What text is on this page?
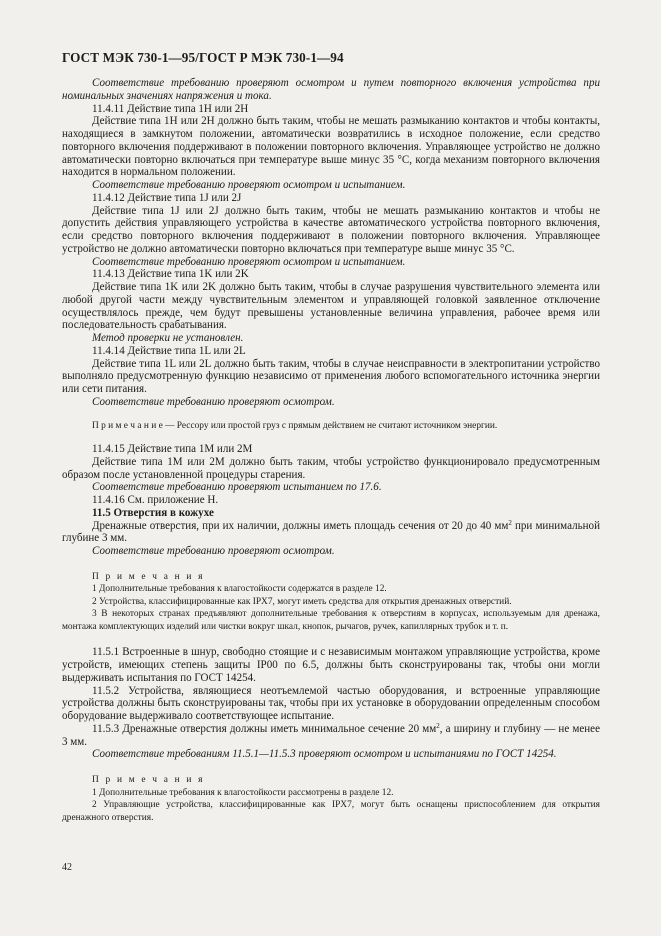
ГОСТ МЭК 730-1—95/ГОСТ Р МЭК 730-1—94

Соответствие требованию проверяют осмотром и путем повторного включения устройства при номинальных значениях напряжения и тока.

11.4.11 Действие типа 1H или 2H

Действие типа 1H или 2H должно быть таким, чтобы не мешать размыканию контактов и чтобы контакты, находящиеся в замкнутом положении, автоматически возвратились в исходное положение, если средство повторного включения поддерживают в положении повторного включения. Управляющее устройство не должно автоматически повторно включаться при температуре выше минус 35 °С, когда механизм повторного включения находится в нормальном положении.

Соответствие требованию проверяют осмотром и испытанием.

11.4.12 Действие типа 1J или 2J

Действие типа 1J или 2J должно быть таким, чтобы не мешать размыканию контактов и чтобы не допустить действия управляющего устройства в качестве автоматического устройства повторного включения, если средство повторного включения поддерживают в положении повторного включения. Управляющее устройство не должно автоматически повторно включаться при температуре выше минус 35 °С.

Соответствие требованию проверяют осмотром и испытанием.

11.4.13 Действие типа 1K или 2K

Действие типа 1K или 2K должно быть таким, чтобы в случае разрушения чувствительного элемента или любой другой части между чувствительным элементом и управляющей головкой заявленное отключение осуществлялось прежде, чем будут превышены установленные величина управления, рабочее время или последовательность срабатывания.

Метод проверки не установлен.

11.4.14 Действие типа 1L или 2L

Действие типа 1L или 2L должно быть таким, чтобы в случае неисправности в электропитании устройство выполняло предусмотренную функцию независимо от применения любого вспомогательного источника энергии или сети питания.

Соответствие требованию проверяют осмотром.

П р и м е ч а н и е — Рессору или простой груз с прямым действием не считают источником энергии.

11.4.15 Действие типа 1M или 2M

Действие типа 1M или 2M должно быть таким, чтобы устройство функционировало предусмотренным образом после установленной процедуры старения.

Соответствие требованию проверяют испытанием по 17.6.

11.4.16 См. приложение Н.

11.5 Отверстия в кожухе

Дренажные отверстия, при их наличии, должны иметь площадь сечения от 20 до 40 $мм^2$ при минимальной глубине 3 мм.

Соответствие требованию проверяют осмотром.

П р и м е ч а н и я

1 Дополнительные требования к влагостойкости содержатся в разделе 12.

2 Устройства, классифицированные как IPX7, могут иметь средства для открытия дренажных отверстий.

3 В некоторых странах предъявляют дополнительные требования к отверстиям в корпусах, используемым для дренажа, монтажа комплектующих изделий или чистки вокруг шкал, кнопок, рычагов, ручек, капиллярных трубок и т. п.

11.5.1 Встроенные в шнур, свободно стоящие и с независимым монтажом управляющие устройства, кроме устройств, имеющих степень защиты IP00 по 6.5, должны быть сконструированы так, чтобы они могли выдерживать испытания по ГОСТ 14254.

11.5.2 Устройства, являющиеся неотъемлемой частью оборудования, и встроенные управляющие устройства должны быть сконструированы так, чтобы при их установке в оборудовании определенным способом оборудование выдерживало соответствующее испытание.

11.5.3 Дренажные отверстия должны иметь минимальное сечение 20 $мм^2$, а ширину и глубину — не менее 3 мм.

Соответствие требованиям 11.5.1—11.5.3 проверяют осмотром и испытаниями по ГОСТ 14254.

П р и м е ч а н и я

1 Дополнительные требования к влагостойкости рассмотрены в разделе 12.

2 Управляющие устройства, классифицированные как IPX7, могут быть оснащены приспособлением для открытия дренажного отверстия.

42
